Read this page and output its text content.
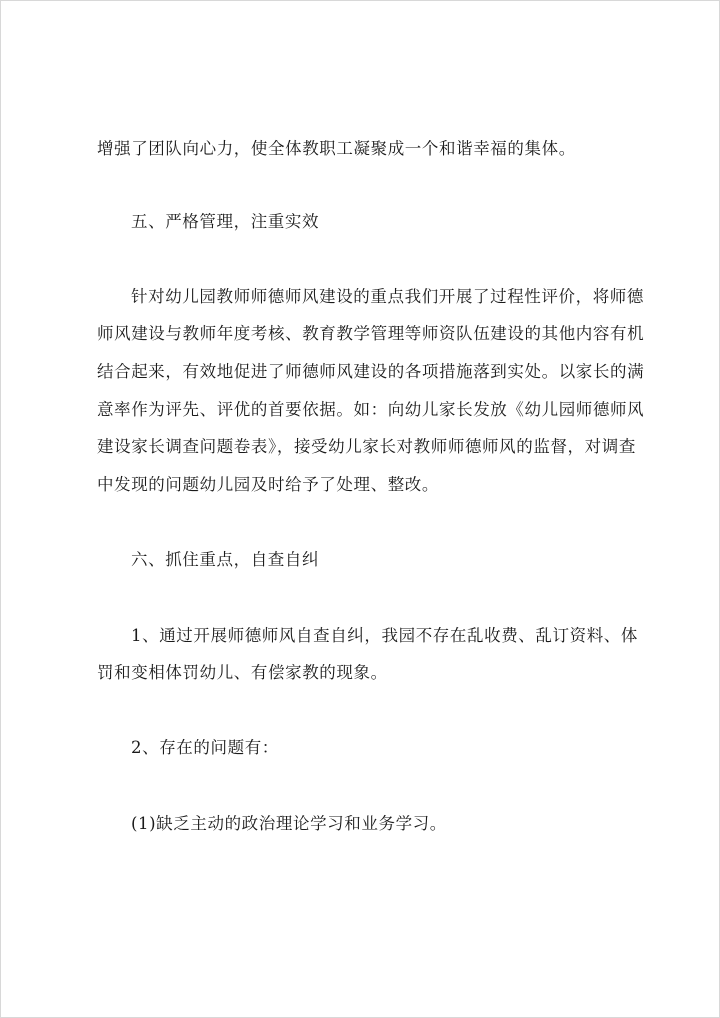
增强了团队向心力，使全体教职工凝聚成一个和谐幸福的集体。
五、严格管理，注重实效
针对幼儿园教师师德师风建设的重点我们开展了过程性评价，将师德
师风建设与教师年度考核、教育教学管理等师资队伍建设的其他内容有机
结合起来，有效地促进了师德师风建设的各项措施落到实处。以家长的满
意率作为评先、评优的首要依据。如：向幼儿家长发放《幼儿园师德师风
建设家长调查问题卷表》，接受幼儿家长对教师师德师风的监督，对调查
中发现的问题幼儿园及时给予了处理、整改。
六、抓住重点，自查自纠
1、通过开展师德师风自查自纠，我园不存在乱收费、乱订资料、体
罚和变相体罚幼儿、有偿家教的现象。
2、存在的问题有：
(1)缺乏主动的政治理论学习和业务学习。
